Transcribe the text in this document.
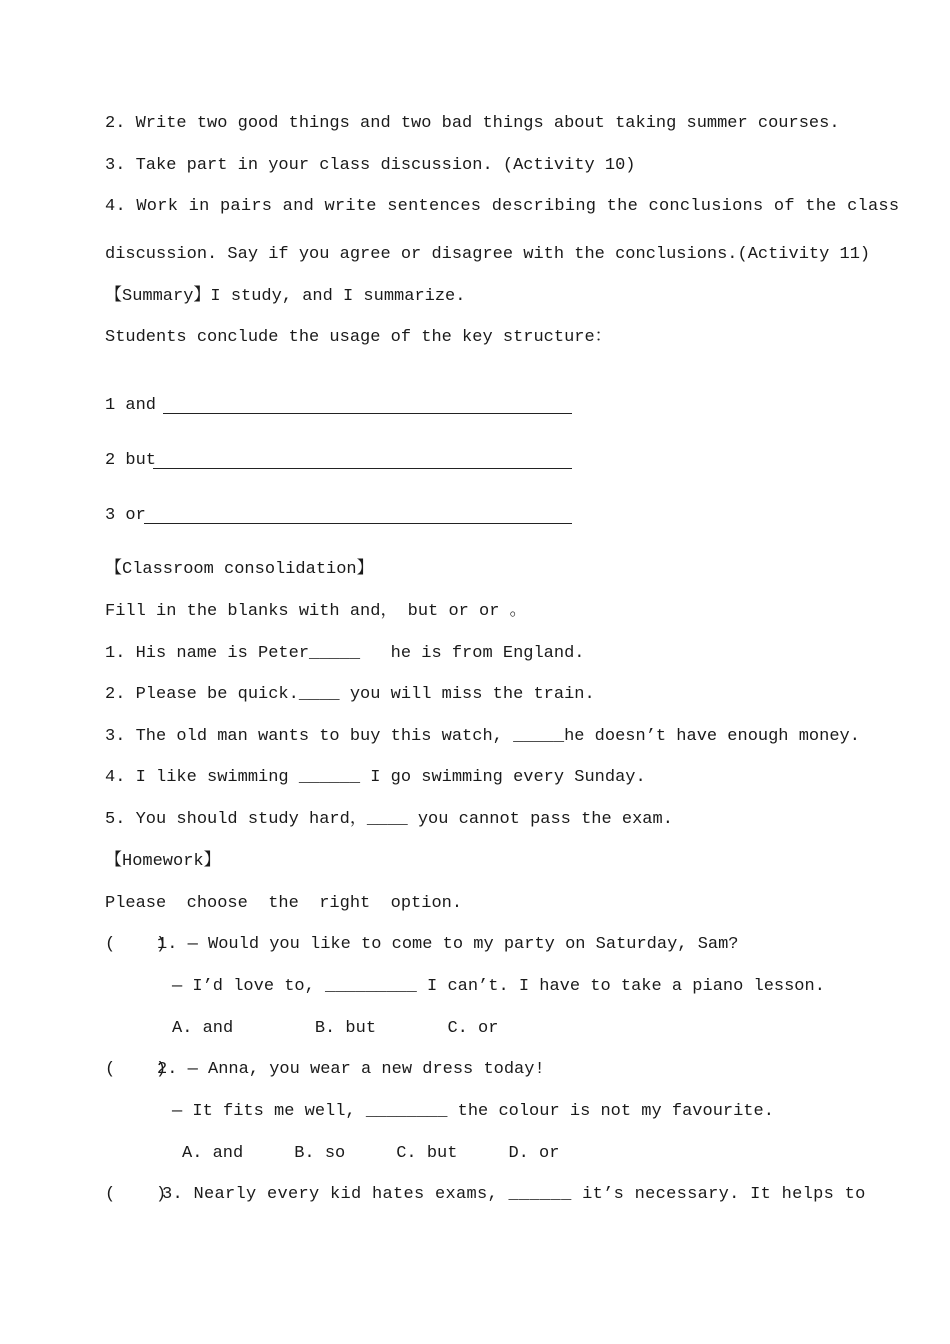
2. Write two good things and two bad things about taking summer courses.
3. Take part in your class discussion. (Activity 10)
4. Work in pairs and write sentences describing the conclusions of the class
discussion. Say if you agree or disagree with the conclusions.(Activity 11)
【Summary】I study, and I summarize.
Students conclude the usage of the key structure：
1 and
2 but
3 or
【Classroom consolidation】
Fill in the blanks with and， but or or 。
1. His name is Peter_____   he is from England.
2. Please be quick.____ you will miss the train.
3. The old man wants to buy this watch, _____he doesn’t have enough money.
4. I like swimming ______ I go swimming every Sunday.
5. You should study hard，____ you cannot pass the exam.
【Homework】
Please  choose  the  right  option.
(    )
1. — Would you like to come to my party on Saturday, Sam?
— I’d love to, _________ I can’t. I have to take a piano lesson.
A. and        B. but       C. or
(    )
2. — Anna, you wear a new dress today!
— It fits me well, ________ the colour is not my favourite.
A. and     B. so     C. but     D. or
(    )
3. Nearly every kid hates exams, ______ it’s necessary. It helps to
